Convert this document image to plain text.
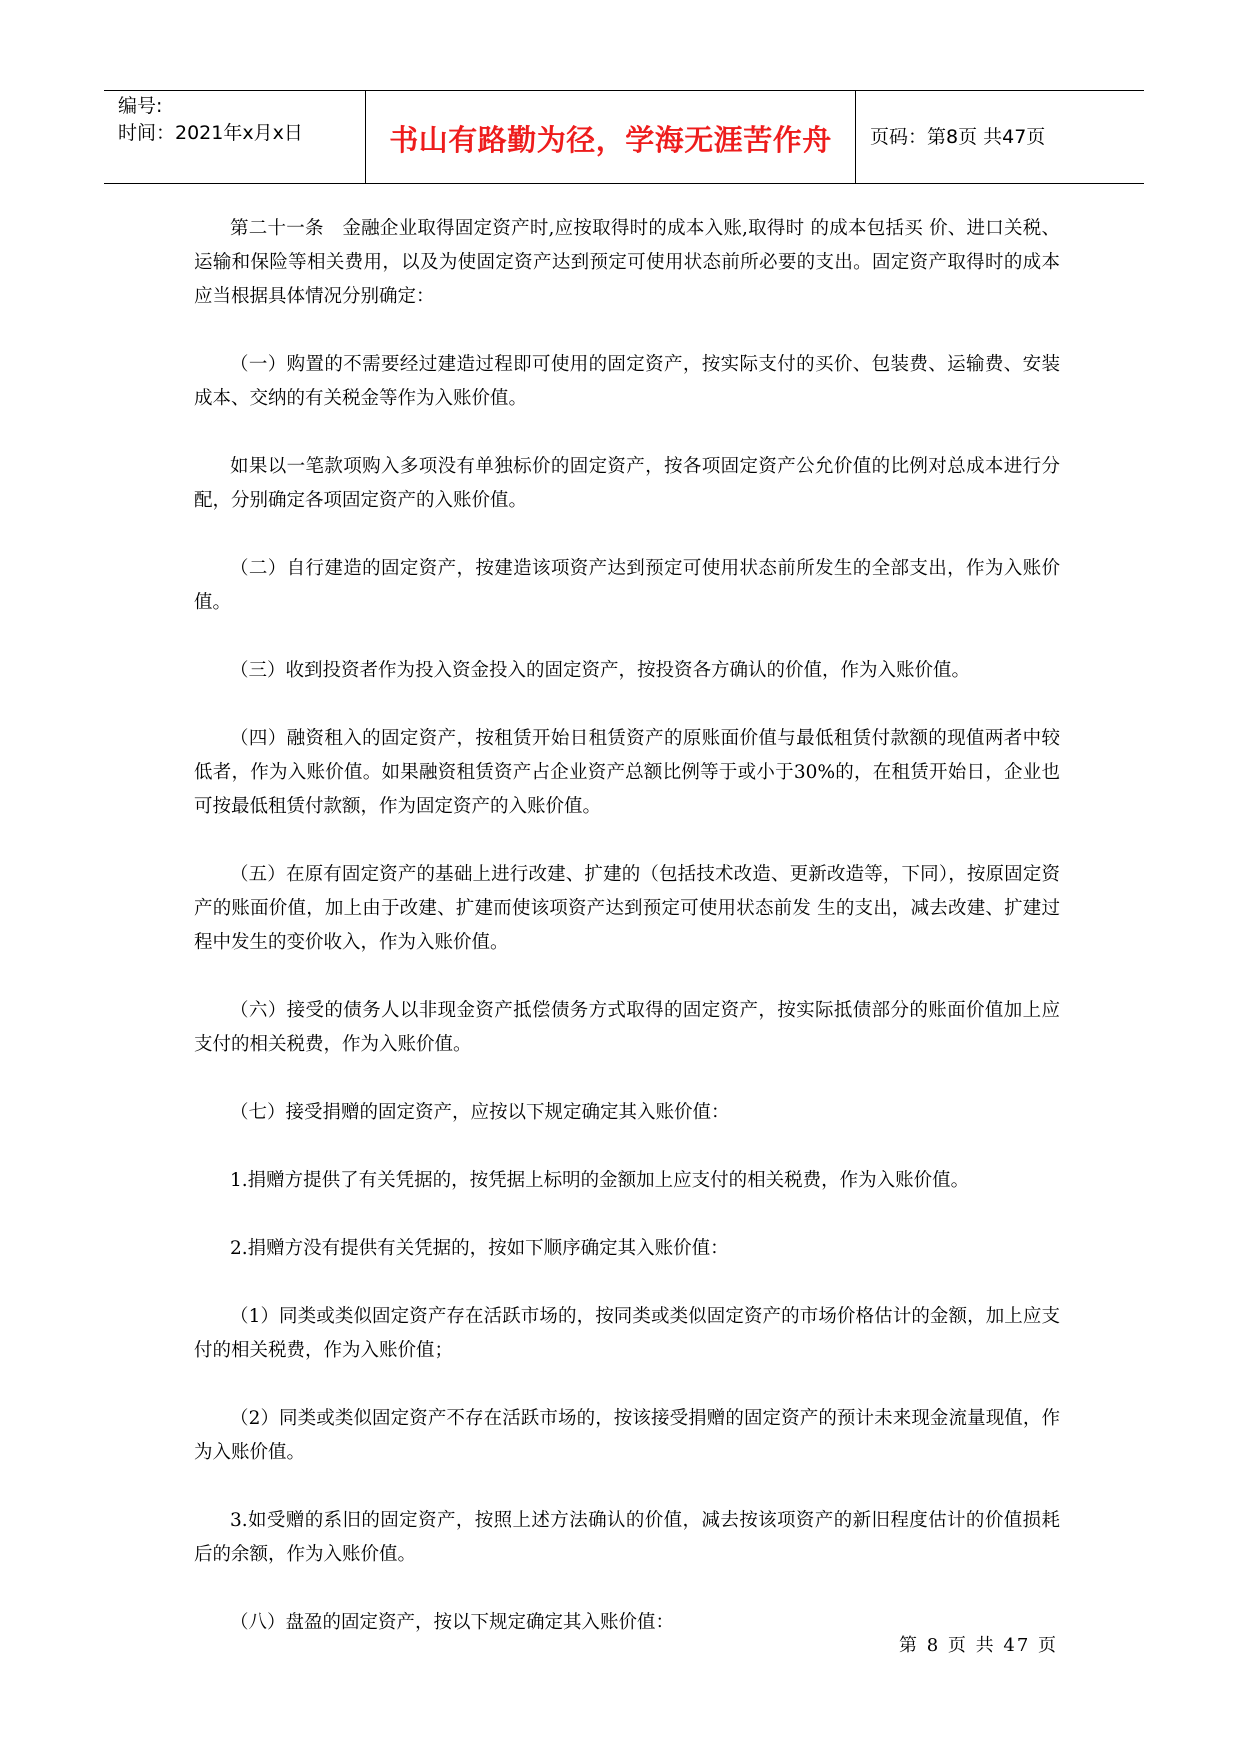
编号:
时间：2021年x月x日	书山有路勤为径，学海无涯苦作舟 页码：第8页 共47页

第二十一条　金融企业取得固定资产时,应按取得时的成本入账,取得时 的成本包括买 价、进口关税、运输和保险等相关费用，以及为使固定资产达到预定可使用状态前所必要的支出。固定资产取得时的成本应当根据具体情况分别确定：

（一）购置的不需要经过建造过程即可使用的固定资产，按实际支付的买价、包装费、运输费、安装成本、交纳的有关税金等作为入账价值。

如果以一笔款项购入多项没有单独标价的固定资产，按各项固定资产公允价值的比例对总成本进行分配，分别确定各项固定资产的入账价值。

（二）自行建造的固定资产，按建造该项资产达到预定可使用状态前所发生的全部支出，作为入账价值。

（三）收到投资者作为投入资金投入的固定资产，按投资各方确认的价值，作为入账价值。

（四）融资租入的固定资产，按租赁开始日租赁资产的原账面价值与最低租赁付款额的现值两者中较低者，作为入账价值。如果融资租赁资产占企业资产总额比例等于或小于30%的，在租赁开始日，企业也可按最低租赁付款额，作为固定资产的入账价值。

（五）在原有固定资产的基础上进行改建、扩建的（包括技术改造、更新改造等，下同），按原固定资产的账面价值，加上由于改建、扩建而使该项资产达到预定可使用状态前发 生的支出，减去改建、扩建过程中发生的变价收入，作为入账价值。

（六）接受的债务人以非现金资产抵偿债务方式取得的固定资产，按实际抵债部分的账面价值加上应支付的相关税费，作为入账价值。

（七）接受捐赠的固定资产，应按以下规定确定其入账价值：

1.捐赠方提供了有关凭据的，按凭据上标明的金额加上应支付的相关税费，作为入账价值。

2.捐赠方没有提供有关凭据的，按如下顺序确定其入账价值：

（1）同类或类似固定资产存在活跃市场的，按同类或类似固定资产的市场价格估计的金额，加上应支付的相关税费，作为入账价值；

（2）同类或类似固定资产不存在活跃市场的，按该接受捐赠的固定资产的预计未来现金流量现值，作为入账价值。

3.如受赠的系旧的固定资产，按照上述方法确认的价值，减去按该项资产的新旧程度估计的价值损耗后的余额，作为入账价值。

（八）盘盈的固定资产，按以下规定确定其入账价值：

第 8 页 共 47 页
